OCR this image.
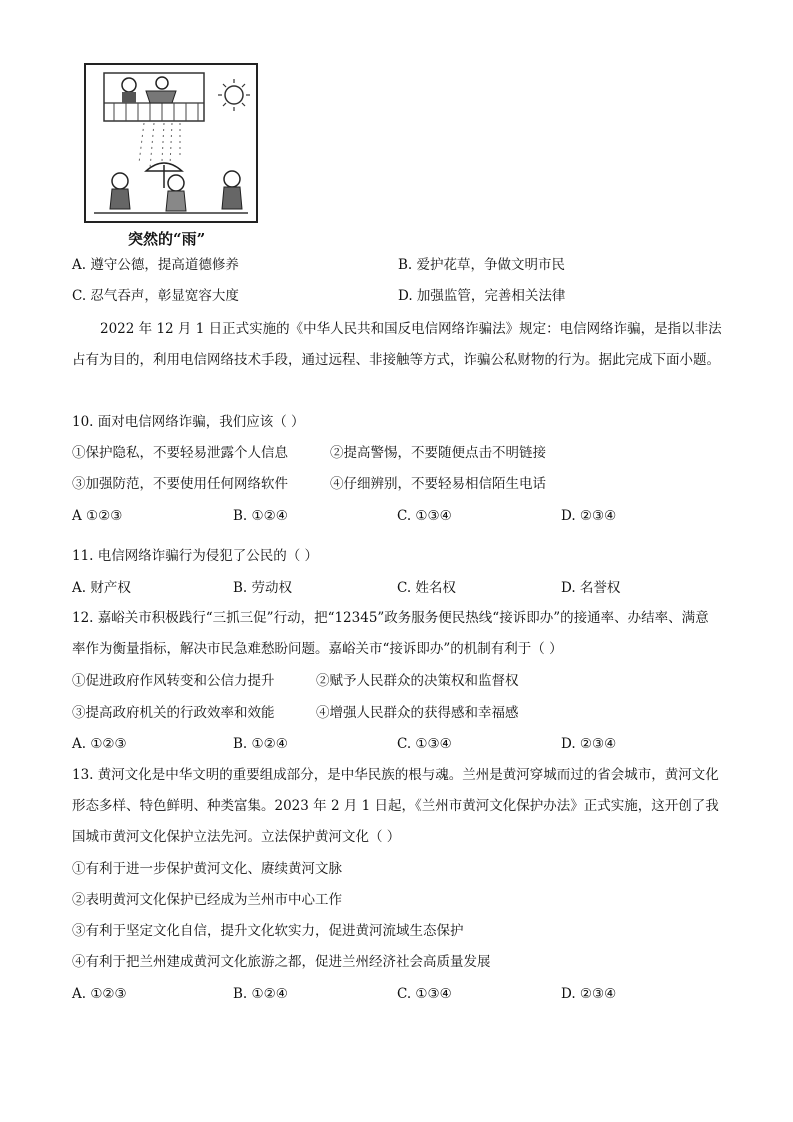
突然的“雨”
A. 遵守公德，提高道德修养	B. 爱护花草，争做文明市民
C. 忍气吞声，彰显宽容大度	D. 加强监管，完善相关法律
2022 年 12 月 1 日正式实施的《中华人民共和国反电信网络诈骗法》规定：电信网络诈骗，是指以非法占有为目的，利用电信网络技术手段，通过远程、非接触等方式，诈骗公私财物的行为。据此完成下面小题。
10. 面对电信网络诈骗，我们应该（ ）
①保护隐私，不要轻易泄露个人信息	②提高警惕，不要随便点击不明链接
③加强防范，不要使用任何网络软件	④仔细辨别，不要轻易相信陌生电话
A ①②③	B. ①②④	C. ①③④	D. ②③④
11. 电信网络诈骗行为侵犯了公民的（ ）
A. 财产权	B. 劳动权	C. 姓名权	D. 名誉权
12. 嘉峪关市积极践行“三抓三促”行动，把“12345”政务服务便民热线“接诉即办”的接通率、办结率、满意率作为衡量指标，解决市民急难愁盼问题。嘉峪关市“接诉即办”的机制有利于（ ）
①促进政府作风转变和公信力提升	②赋予人民群众的决策权和监督权
③提高政府机关的行政效率和效能	④增强人民群众的获得感和幸福感
A. ①②③	B. ①②④	C. ①③④	D. ②③④
13. 黄河文化是中华文明的重要组成部分，是中华民族的根与魂。兰州是黄河穿城而过的省会城市，黄河文化形态多样、特色鲜明、种类富集。2023 年 2 月 1 日起，《兰州市黄河文化保护办法》正式实施，这开创了我国城市黄河文化保护立法先河。立法保护黄河文化（ ）
①有利于进一步保护黄河文化、赓续黄河文脉
②表明黄河文化保护已经成为兰州市中心工作
③有利于坚定文化自信，提升文化软实力，促进黄河流域生态保护
④有利于把兰州建成黄河文化旅游之都，促进兰州经济社会高质量发展
A. ①②③	B. ①②④	C. ①③④	D. ②③④
